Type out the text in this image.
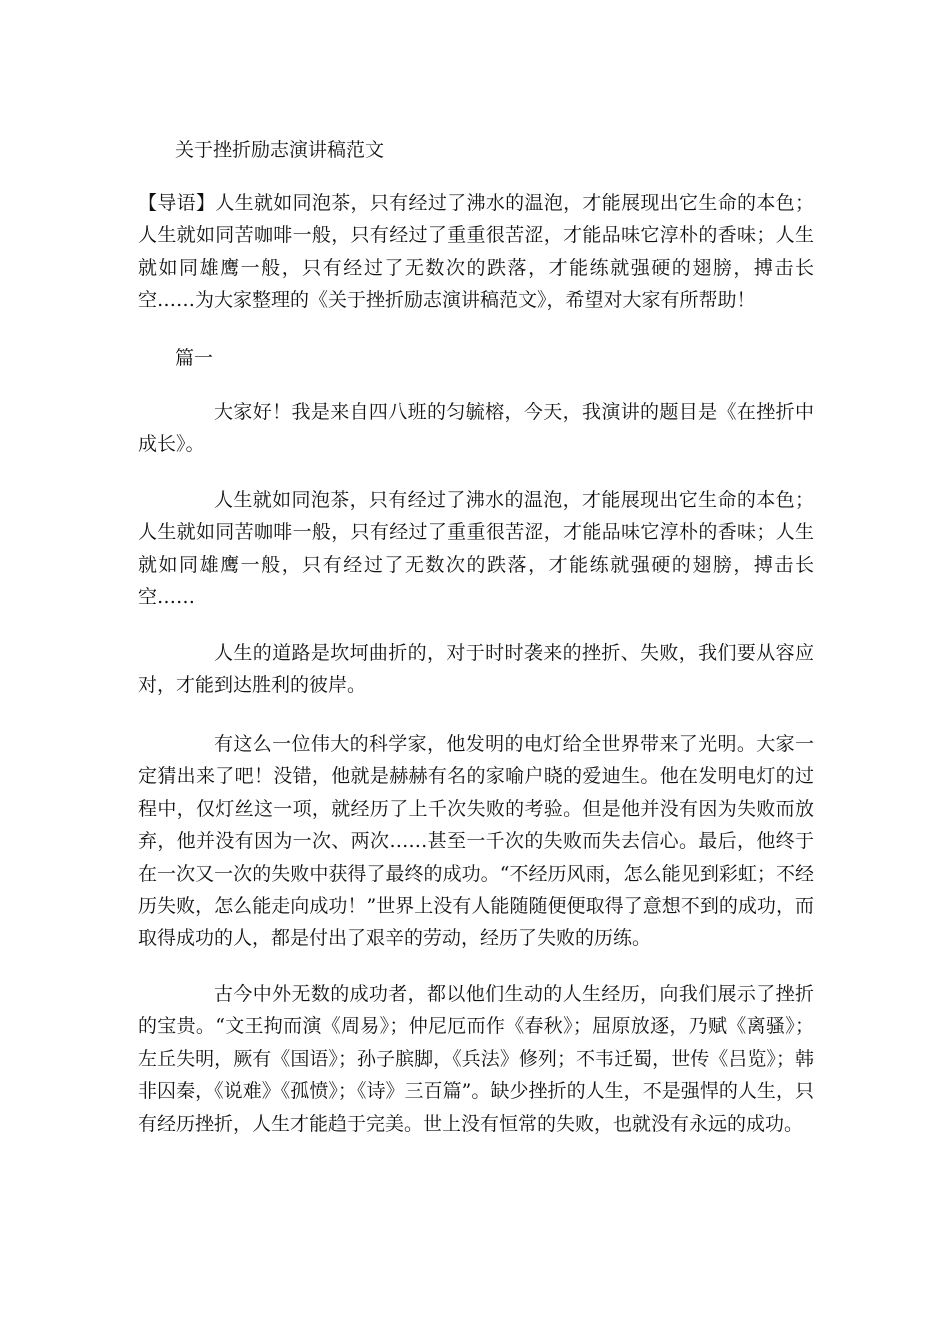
关于挫折励志演讲稿范文

【导语】人生就如同泡茶，只有经过了沸水的温泡，才能展现出它生命的本色；人生就如同苦咖啡一般，只有经过了重重很苦涩，才能品味它淳朴的香味；人生就如同雄鹰一般，只有经过了无数次的跌落，才能练就强硬的翅膀，搏击长空……为大家整理的《关于挫折励志演讲稿范文》，希望对大家有所帮助！

篇一

大家好！我是来自四八班的匀毓榕，今天，我演讲的题目是《在挫折中成长》。

人生就如同泡茶，只有经过了沸水的温泡，才能展现出它生命的本色；人生就如同苦咖啡一般，只有经过了重重很苦涩，才能品味它淳朴的香味；人生就如同雄鹰一般，只有经过了无数次的跌落，才能练就强硬的翅膀，搏击长空……

人生的道路是坎坷曲折的，对于时时袭来的挫折、失败，我们要从容应对，才能到达胜利的彼岸。

有这么一位伟大的科学家，他发明的电灯给全世界带来了光明。大家一定猜出来了吧！没错，他就是赫赫有名的家喻户晓的爱迪生。他在发明电灯的过程中，仅灯丝这一项，就经历了上千次失败的考验。但是他并没有因为失败而放弃，他并没有因为一次、两次……甚至一千次的失败而失去信心。最后，他终于在一次又一次的失败中获得了最终的成功。“不经历风雨，怎么能见到彩虹；不经历失败，怎么能走向成功！”世界上没有人能随随便便取得了意想不到的成功，而取得成功的人，都是付出了艰辛的劳动，经历了失败的历练。

古今中外无数的成功者，都以他们生动的人生经历，向我们展示了挫折的宝贵。“文王拘而演《周易》；仲尼厄而作《春秋》；屈原放逐，乃赋《离骚》；左丘失明，厥有《国语》；孙子膑脚，《兵法》修列；不韦迁蜀，世传《吕览》；韩非囚秦，《说难》《孤愤》；《诗》三百篇”。缺少挫折的人生，不是强悍的人生，只有经历挫折，人生才能趋于完美。世上没有恒常的失败，也就没有永远的成功。
